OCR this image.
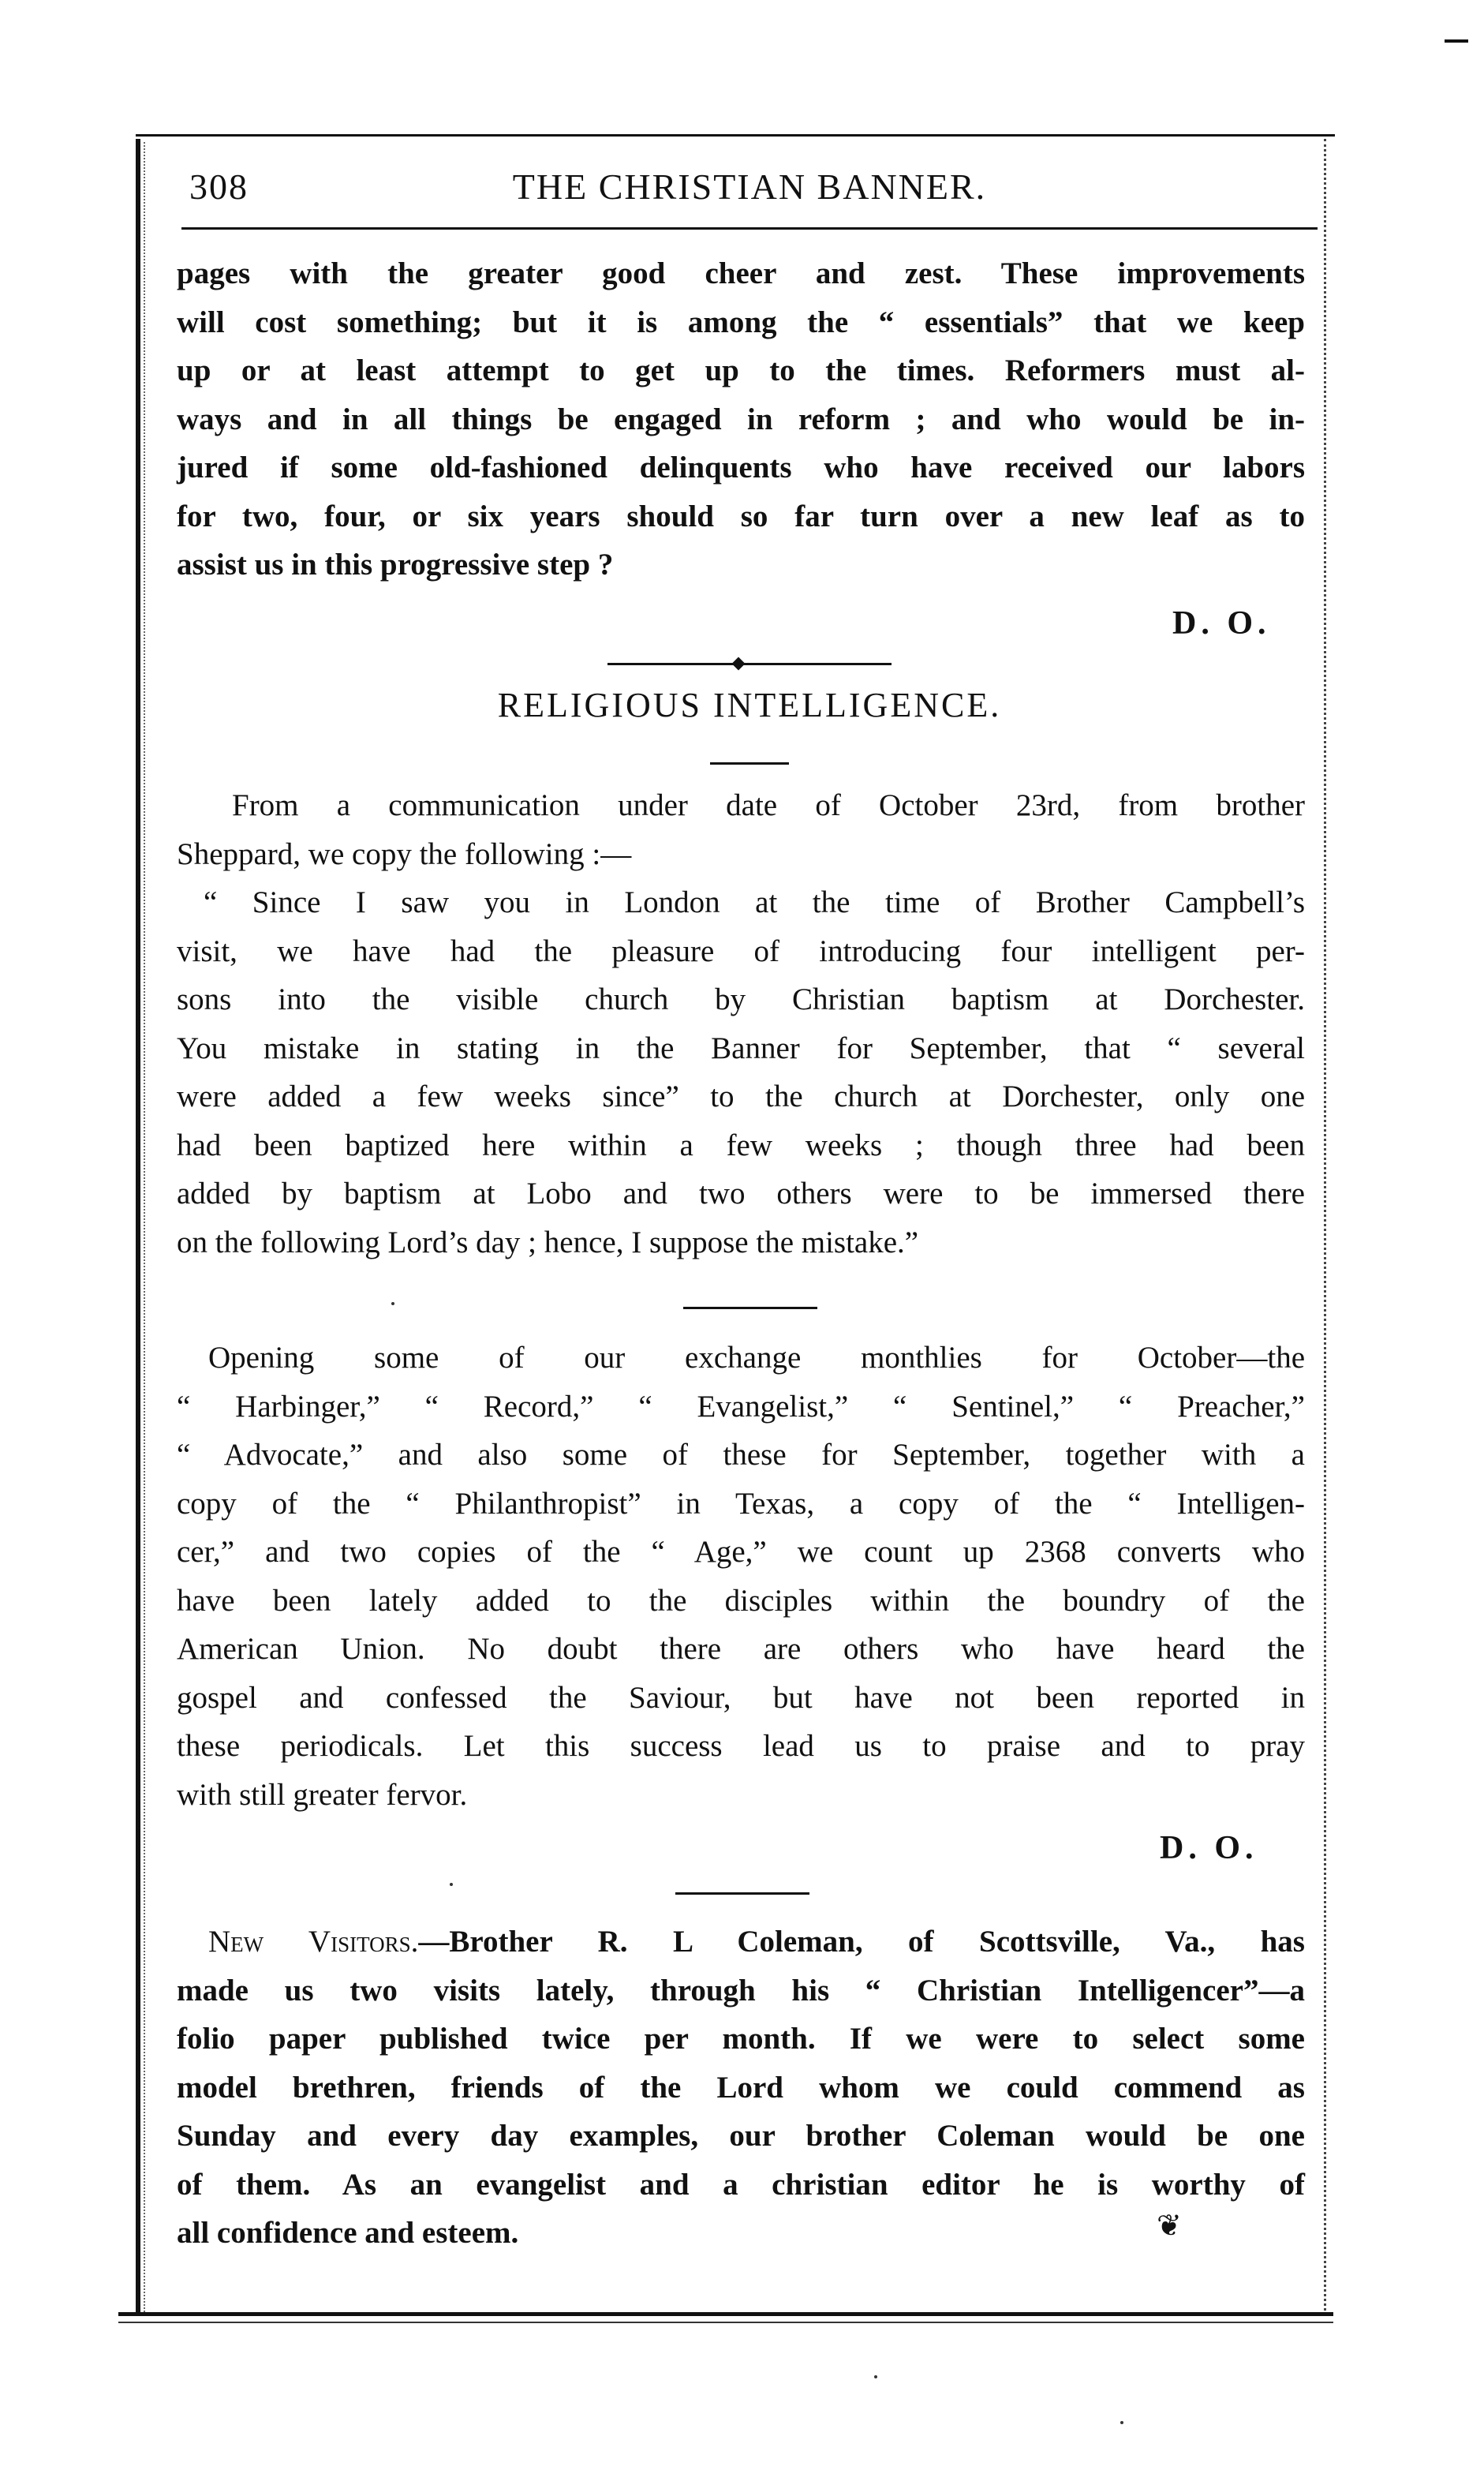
308	THE CHRISTIAN BANNER.
pages with the greater good cheer and zest. These improvements
will cost something; but it is among the “ essentials” that we keep
up or at least attempt to get up to the times. Reformers must al-
ways and in all things be engaged in reform ; and who would be in-
jured if some old-fashioned delinquents who have received our labors
for two, four, or six years should so far turn over a new leaf as to
assist us in this progressive step ?
D. O.
RELIGIOUS INTELLIGENCE.
From a communication under date of October 23rd, from brother
Sheppard, we copy the following :—
“ Since I saw you in London at the time of Brother Campbell’s
visit, we have had the pleasure of introducing four intelligent per-
sons into the visible church by Christian baptism at Dorchester.
You mistake in stating in the Banner for September, that “ several
were added a few weeks since” to the church at Dorchester, only one
had been baptized here within a few weeks ; though three had been
added by baptism at Lobo and two others were to be immersed there
on the following Lord’s day ; hence, I suppose the mistake.”
Opening some of our exchange monthlies for October—the
“ Harbinger,” “ Record,” “ Evangelist,” “ Sentinel,” “ Preacher,”
“ Advocate,” and also some of these for September, together with a
copy of the “ Philanthropist” in Texas, a copy of the “ Intelligen-
cer,” and two copies of the “ Age,” we count up 2368 converts who
have been lately added to the disciples within the boundry of the
American Union. No doubt there are others who have heard the
gospel and confessed the Saviour, but have not been reported in
these periodicals. Let this success lead us to praise and to pray
with still greater fervor.
D. O.
New Visitors.—Brother R. L Coleman, of Scottsville, Va., has
made us two visits lately, through his “ Christian Intelligencer”—a
folio paper published twice per month. If we were to select some
model brethren, friends of the Lord whom we could commend as
Sunday and every day examples, our brother Coleman would be one
of them. As an evangelist and a christian editor he is worthy of
all confidence and esteem.	❦
